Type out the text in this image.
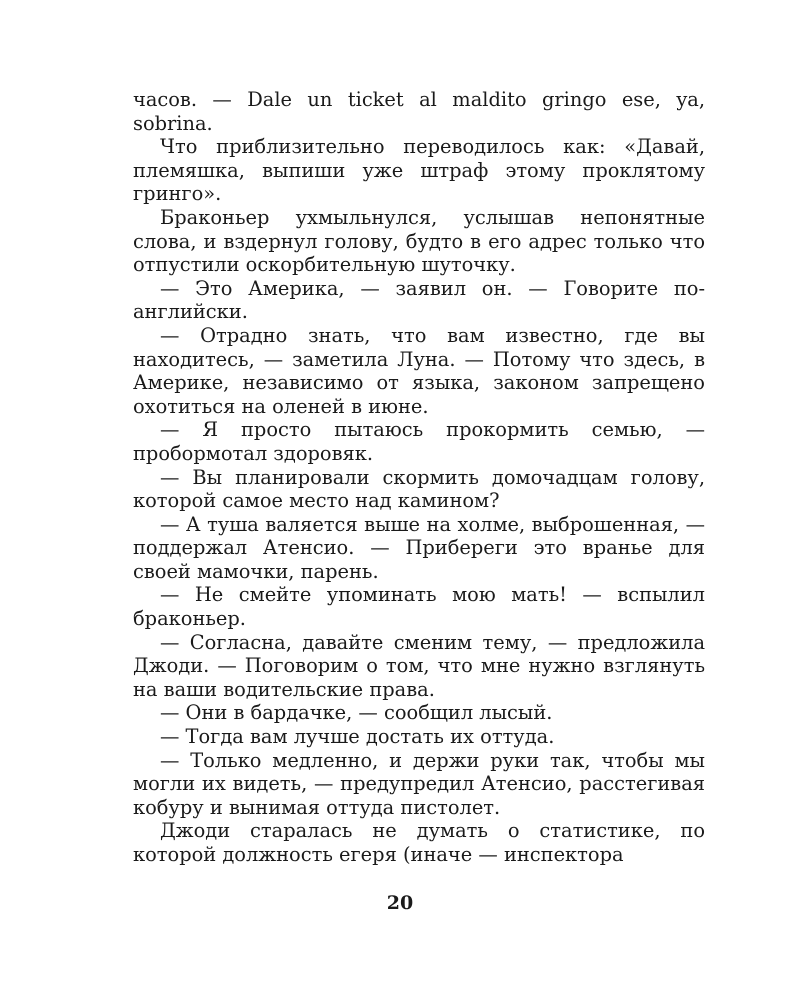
часов. — Dale un ticket al maldito gringo ese, ya, sobrina.

Что приблизительно переводилось как: «Давай, племяшка, выпиши уже штраф этому проклятому гринго».

Браконьер ухмыльнулся, услышав непонятные слова, и вздернул голову, будто в его адрес только что отпустили оскорбительную шуточку.

— Это Америка, — заявил он. — Говорите по-английски.

— Отрадно знать, что вам известно, где вы находитесь, — заметила Луна. — Потому что здесь, в Америке, независимо от языка, законом запрещено охотиться на оленей в июне.

— Я просто пытаюсь прокормить семью, — пробормотал здоровяк.

— Вы планировали скормить домочадцам голову, которой самое место над камином?

— А туша валяется выше на холме, выброшенная, — поддержал Атенсио. — Прибереги это вранье для своей мамочки, парень.

— Не смейте упоминать мою мать! — вспылил браконьер.

— Согласна, давайте сменим тему, — предложила Джоди. — Поговорим о том, что мне нужно взглянуть на ваши водительские права.

— Они в бардачке, — сообщил лысый.

— Тогда вам лучше достать их оттуда.

— Только медленно, и держи руки так, чтобы мы могли их видеть, — предупредил Атенсио, расстегивая кобуру и вынимая оттуда пистолет.

Джоди старалась не думать о статистике, по которой должность егеря (иначе — инспектора

20
